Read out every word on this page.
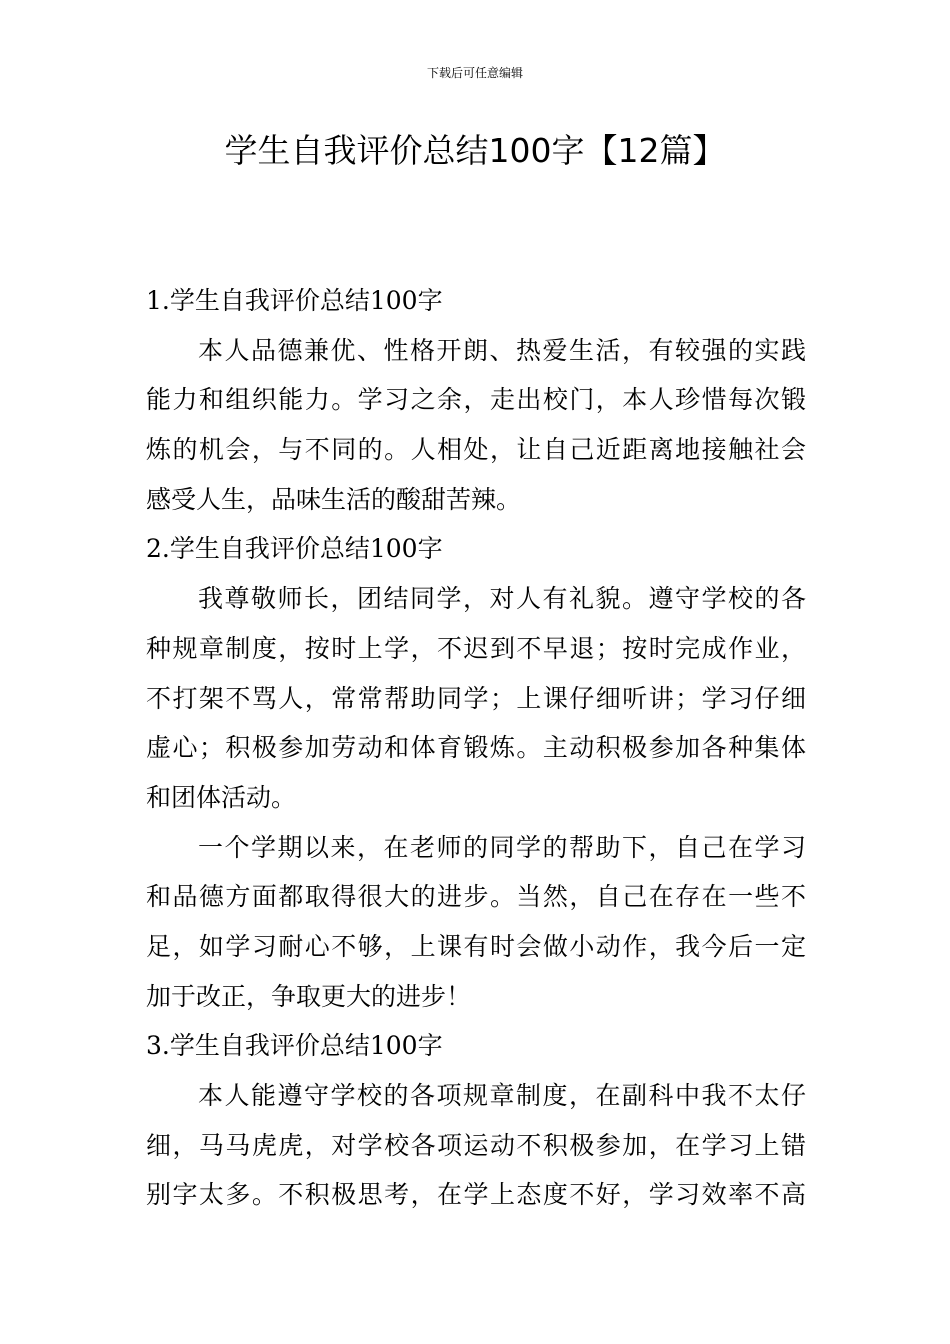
下载后可任意编辑
学生自我评价总结100字【12篇】
1.学生自我评价总结100字
本人品德兼优、性格开朗、热爱生活，有较强的实践
能力和组织能力。学习之余，走出校门，本人珍惜每次锻
炼的机会，与不同的。人相处，让自己近距离地接触社会
感受人生，品味生活的酸甜苦辣。
2.学生自我评价总结100字
我尊敬师长，团结同学，对人有礼貌。遵守学校的各
种规章制度，按时上学，不迟到不早退；按时完成作业，
不打架不骂人，常常帮助同学；上课仔细听讲；学习仔细
虚心；积极参加劳动和体育锻炼。主动积极参加各种集体
和团体活动。
一个学期以来，在老师的同学的帮助下，自己在学习
和品德方面都取得很大的进步。当然，自己在存在一些不
足，如学习耐心不够，上课有时会做小动作，我今后一定
加于改正，争取更大的进步！
3.学生自我评价总结100字
本人能遵守学校的各项规章制度，在副科中我不太仔
细，马马虎虎，对学校各项运动不积极参加，在学习上错
别字太多。不积极思考，在学上态度不好，学习效率不高
